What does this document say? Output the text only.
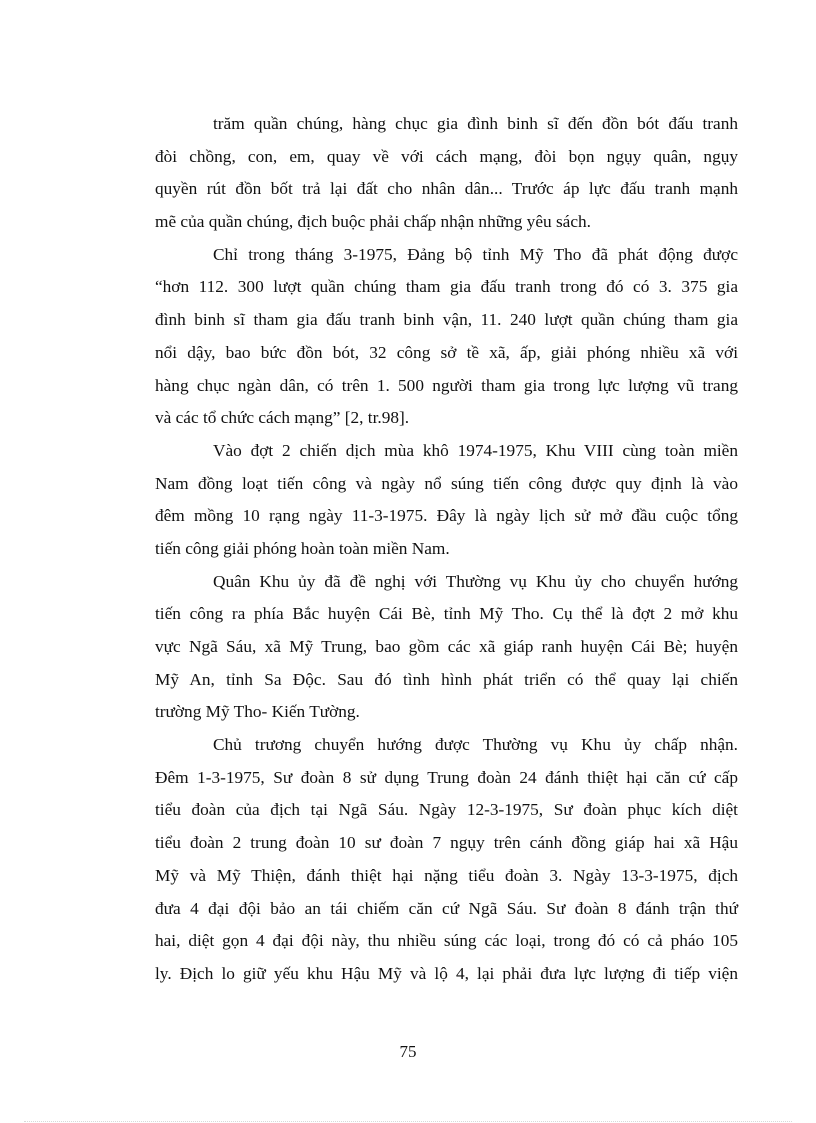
trăm quần chúng, hàng chục gia đình binh sĩ đến đồn bót đấu tranh
đòi chồng, con, em, quay về với cách mạng, đòi bọn ngụy quân, ngụy
quyền rút đồn bốt trả lại đất cho nhân dân... Trước áp lực đấu tranh mạnh
mẽ của quần chúng, địch buộc phải chấp nhận những yêu sách.
Chỉ trong tháng 3-1975, Đảng bộ tỉnh Mỹ Tho đã phát động được
“hơn 112. 300 lượt quần chúng tham gia đấu tranh trong đó có 3. 375 gia
đình binh sĩ tham gia đấu tranh binh vận, 11. 240 lượt quần chúng tham gia
nổi dậy, bao bức đồn bót, 32 công sở tề xã, ấp, giải phóng nhiều xã với
hàng chục ngàn dân, có trên 1. 500 người tham gia trong lực lượng vũ trang
và các tổ chức cách mạng” [2, tr.98].
Vào đợt 2 chiến dịch mùa khô 1974-1975, Khu VIII cùng toàn miền
Nam đồng loạt tiến công và ngày nổ súng tiến công được quy định là vào
đêm mồng 10 rạng ngày 11-3-1975. Đây là ngày lịch sử mở đầu cuộc tổng
tiến công giải phóng hoàn toàn miền Nam.
Quân Khu ủy đã đề nghị với Thường vụ Khu ủy cho chuyển hướng
tiến công ra phía Bắc huyện Cái Bè, tỉnh Mỹ Tho. Cụ thể là đợt 2 mở khu
vực Ngã Sáu, xã Mỹ Trung, bao gồm các xã giáp ranh huyện Cái Bè; huyện
Mỹ An, tỉnh Sa Độc. Sau đó tình hình phát triển có thể quay lại chiến
trường Mỹ Tho- Kiến Tường.
Chủ trương chuyển hướng được Thường vụ Khu ủy chấp nhận.
Đêm 1-3-1975, Sư đoàn 8 sử dụng Trung đoàn 24 đánh thiệt hại căn cứ cấp
tiểu đoàn của địch tại Ngã Sáu. Ngày 12-3-1975, Sư đoàn phục kích diệt
tiểu đoàn 2 trung đoàn 10 sư đoàn 7 ngụy trên cánh đồng giáp hai xã Hậu
Mỹ và Mỹ Thiện, đánh thiệt hại nặng tiểu đoàn 3. Ngày 13-3-1975, địch
đưa 4 đại đội bảo an tái chiếm căn cứ Ngã Sáu. Sư đoàn 8 đánh trận thứ
hai, diệt gọn 4 đại đội này, thu nhiều súng các loại, trong đó có cả pháo 105
ly. Địch lo giữ yếu khu Hậu Mỹ và lộ 4, lại phải đưa lực lượng đi tiếp viện
75
